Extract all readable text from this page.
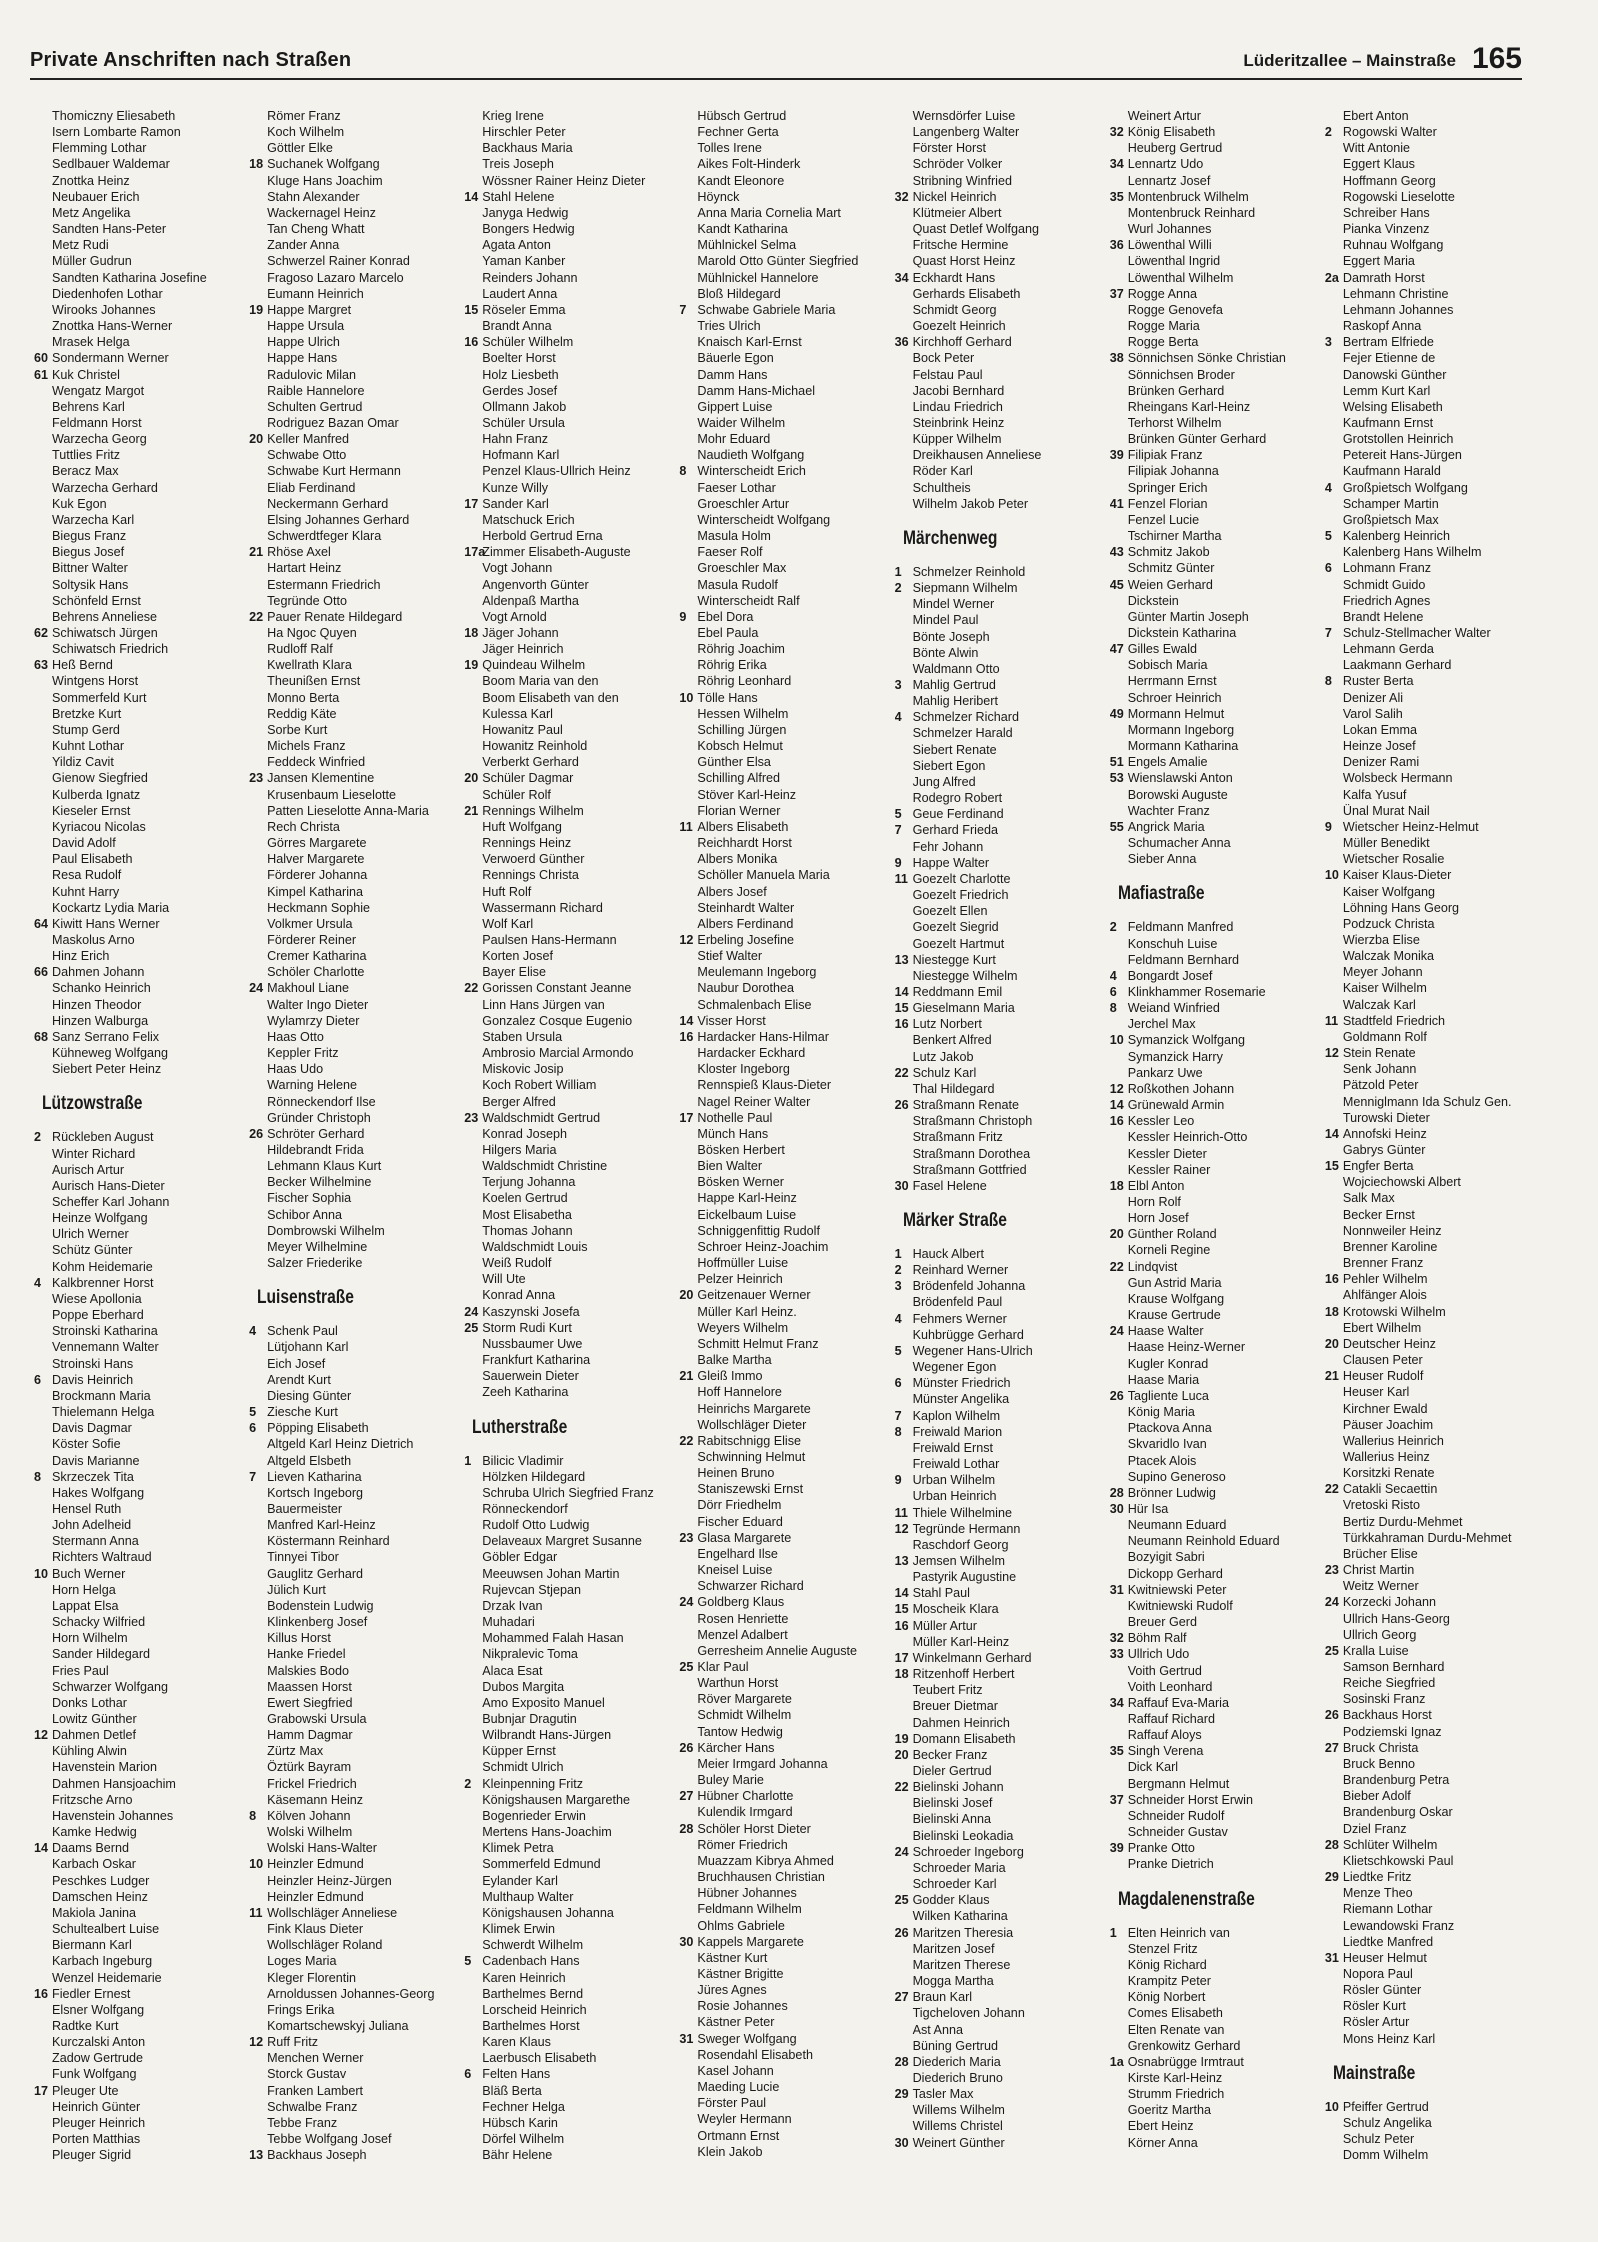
Private Anschriften nach Straßen	Lüderitzallee – Mainstraße 165
Thomiczny Eliesabeth
Isern Lombarte Ramon
Flemming Lothar
Sedlbauer Waldemar
Znottka Heinz
Neubauer Erich
Metz Angelika
Sandten Hans-Peter
Metz Rudi
Müller Gudrun
Sandten Katharina Josefine
Diedenhofen Lothar
Wirooks Johannes
Znottka Hans-Werner
Mrasek Helga
60 Sondermann Werner
61 Kuk Christel
Wengatz Margot
Behrens Karl
Feldmann Horst
Warzecha Georg
Tuttlies Fritz
Beracz Max
Warzecha Gerhard
Kuk Egon
Warzecha Karl
Biegus Franz
Biegus Josef
Bittner Walter
Soltysik Hans
Schönfeld Ernst
Behrens Anneliese
62 Schiwatsch Jürgen
Schiwatsch Friedrich
63 Heß Bernd
Wintgens Horst
Sommerfeld Kurt
Bretzke Kurt
Stump Gerd
Kuhnt Lothar
Yildiz Cavit
Gienow Siegfried
Kulberda Ignatz
Kieseler Ernst
Kyriacou Nicolas
David Adolf
Paul Elisabeth
Resa Rudolf
Kuhnt Harry
Kockartz Lydia Maria
64 Kiwitt Hans Werner
Maskolus Arno
Hinz Erich
66 Dahmen Johann
Schanko Heinrich
Hinzen Theodor
Hinzen Walburga
68 Sanz Serrano Felix
Kühneweg Wolfgang
Siebert Peter Heinz
Lützowstraße
2 Rückleben August
Winter Richard
Aurisch Artur
Aurisch Hans-Dieter
Scheffer Karl Johann
Heinze Wolfgang
Ulrich Werner
Schütz Günter
Kohm Heidemarie
4 Kalkbrenner Horst
Wiese Apollonia
Poppe Eberhard
Stroinski Katharina
Vennemann Walter
Stroinski Hans
6 Davis Heinrich
Brockmann Maria
Thielemann Helga
Davis Dagmar
Köster Sofie
Davis Marianne
8 Skrzeczek Tita
Hakes Wolfgang
Hensel Ruth
John Adelheid
Stermann Anna
Richters Waltraud
10 Buch Werner
Horn Helga
Lappat Elsa
Schacky Wilfried
Horn Wilhelm
Sander Hildegard
Fries Paul
Schwarzer Wolfgang
Donks Lothar
Lowitz Günther
12 Dahmen Detlef
Kühling Alwin
Havenstein Marion
Dahmen Hansjoachim
Fritzsche Arno
Havenstein Johannes
Kamke Hedwig
14 Daams Bernd
Karbach Oskar
Peschkes Ludger
Damschen Heinz
Makiola Janina
Schultealbert Luise
Biermann Karl
Karbach Ingeburg
Wenzel Heidemarie
16 Fiedler Ernest
Elsner Wolfgang
Radtke Kurt
Kurczalski Anton
Zadow Gertrude
Funk Wolfgang
17 Pleuger Ute
Heinrich Günter
Pleuger Heinrich
Porten Matthias
Pleuger Sigrid
Römer Franz
Koch Wilhelm
Göttler Elke
18 Suchanek Wolfgang
Kluge Hans Joachim
Stahn Alexander
Wackernagel Heinz
Tan Cheng Whatt
Zander Anna
Schwerzel Rainer Konrad
Fragoso Lazaro Marcelo
Eumann Heinrich
19 Happe Margret
Happe Ursula
Happe Ulrich
Happe Hans
Radulovic Milan
Raible Hannelore
Schulten Gertrud
Rodriguez Bazan Omar
20 Keller Manfred
Schwabe Otto
Schwabe Kurt Hermann
Eliab Ferdinand
Neckermann Gerhard
Elsing Johannes Gerhard
Schwerdtfeger Klara
21 Rhöse Axel
Hartart Heinz
Estermann Friedrich
Tegründe Otto
22 Pauer Renate Hildegard
Ha Ngoc Quyen
Rudloff Ralf
Kwellrath Klara
Theunißen Ernst
Monno Berta
Reddig Käte
Sorbe Kurt
Michels Franz
Feddeck Winfried
23 Jansen Klementine
Krusenbaum Lieselotte
Patten Lieselotte Anna-Maria
Rech Christa
Görres Margarete
Halver Margarete
Förderer Johanna
Kimpel Katharina
Heckmann Sophie
Volkmer Ursula
Förderer Reiner
Cremer Katharina
Schöler Charlotte
24 Makhoul Liane
Walter Ingo Dieter
Wylamrzy Dieter
Haas Otto
Keppler Fritz
Haas Udo
Warning Helene
Rönneckendorf Ilse
Gründer Christoph
26 Schröter Gerhard
Hildebrandt Frida
Lehmann Klaus Kurt
Becker Wilhelmine
Fischer Sophia
Schibor Anna
Dombrowski Wilhelm
Meyer Wilhelmine
Salzer Friederike
Luisenstraße
4 Schenk Paul
Lütjohann Karl
Eich Josef
Arendt Kurt
Diesing Günter
5 Ziesche Kurt
6 Pöpping Elisabeth
Altgeld Karl Heinz Dietrich
Altgeld Elsbeth
7 Lieven Katharina
Kortsch Ingeborg
Bauermeister
Manfred Karl-Heinz
Köstermann Reinhard
Tinnyei Tibor
Gauglitz Gerhard
Jülich Kurt
Bodenstein Ludwig
Klinkenberg Josef
Killus Horst
Hanke Friedel
Malskies Bodo
Maassen Horst
Ewert Siegfried
Grabowski Ursula
Hamm Dagmar
Zürtz Max
Öztürk Bayram
Frickel Friedrich
Käsemann Heinz
8 Kölven Johann
Wolski Wilhelm
Wolski Hans-Walter
10 Heinzler Edmund
Heinzler Heinz-Jürgen
Heinzler Edmund
11 Wollschläger Anneliese
Fink Klaus Dieter
Wollschläger Roland
Loges Maria
Kleger Florentin
Arnoldussen Johannes-Georg
Frings Erika
Komartschewskyj Juliana
12 Ruff Fritz
Menchen Werner
Storck Gustav
Franken Lambert
Schwalbe Franz
Tebbe Franz
Tebbe Wolfgang Josef
13 Backhaus Joseph
Krieg Irene
Hirschler Peter
Backhaus Maria
Treis Joseph
Wössner Rainer Heinz Dieter
14 Stahl Helene
Janyga Hedwig
Bongers Hedwig
Agata Anton
Yaman Kanber
Reinders Johann
Laudert Anna
15 Röseler Emma
Brandt Anna
16 Schüler Wilhelm
Boelter Horst
Holz Liesbeth
Gerdes Josef
Ollmann Jakob
Schüler Ursula
Hahn Franz
Hofmann Karl
Penzel Klaus-Ullrich Heinz
Kunze Willy
17 Sander Karl
Matschuck Erich
Herbold Gertrud Erna
17a
Zimmer Elisabeth-Auguste
Vogt Johann
Angenvorth Günter
Aldenpaß Martha
Vogt Arnold
18 Jäger Johann
Jäger Heinrich
19 Quindeau Wilhelm
Boom Maria van den
Boom Elisabeth van den
Kulessa Karl
Howanitz Paul
Howanitz Reinhold
Verberkt Gerhard
20 Schüler Dagmar
Schüler Rolf
21 Rennings Wilhelm
Huft Wolfgang
Rennings Heinz
Verwoerd Günther
Rennings Christa
Huft Rolf
Wassermann Richard
Wolf Karl
Paulsen Hans-Hermann
Korten Josef
Bayer Elise
22 Gorissen Constant Jeanne
Linn Hans Jürgen van
Gonzalez Cosque Eugenio
Staben Ursula
Ambrosio Marcial Armondo
Miskovic Josip
Koch Robert William
Berger Alfred
23 Waldschmidt Gertrud
Konrad Joseph
Hilgers Maria
Waldschmidt Christine
Terjung Johanna
Koelen Gertrud
Most Elisabetha
Thomas Johann
Waldschmidt Louis
Weiß Rudolf
Will Ute
Konrad Anna
24 Kaszynski Josefa
25 Storm Rudi Kurt
Nussbaumer Uwe
Frankfurt Katharina
Sauerwein Dieter
Zeeh Katharina
Lutherstraße
1 Bilicic Vladimir
Hölzken Hildegard
Schruba Ulrich Siegfried Franz
Rönneckendorf
Rudolf Otto Ludwig
Delaveaux Margret Susanne
Göbler Edgar
Meeuwsen Johan Martin
Rujevcan Stjepan
Drzak Ivan
Muhadari
Mohammed Falah Hasan
Nikpralevic Toma
Alaca Esat
Dubos Margita
Amo Exposito Manuel
Bubnjar Dragutin
Wilbrandt Hans-Jürgen
Küpper Ernst
Schmidt Ulrich
2 Kleinpenning Fritz
Königshausen Margarethe
Bogenrieder Erwin
Mertens Hans-Joachim
Klimek Petra
Sommerfeld Edmund
Eylander Karl
Multhaup Walter
Königshausen Johanna
Klimek Erwin
Schwerdt Wilhelm
5 Cadenbach Hans
Karen Heinrich
Barthelmes Bernd
Lorscheid Heinrich
Barthelmes Horst
Karen Klaus
Laerbusch Elisabeth
6 Felten Hans
Bläß Berta
Fechner Helga
Hübsch Karin
Dörfel Wilhelm
Bähr Helene
Hübsch Gertrud
Fechner Gerta
Tolles Irene
Aikes Folt-Hinderk
Kandt Eleonore
Höynck
Anna Maria Cornelia Mart
Kandt Katharina
Mühlnickel Selma
Marold Otto Günter Siegfried
Mühlnickel Hannelore
Bloß Hildegard
7 Schwabe Gabriele Maria
Tries Ulrich
Knaisch Karl-Ernst
Bäuerle Egon
Damm Hans
Damm Hans-Michael
Gippert Luise
Waider Wilhelm
Mohr Eduard
Naudieth Wolfgang
8 Winterscheidt Erich
Faeser Lothar
Groeschler Artur
Winterscheidt Wolfgang
Masula Holm
Faeser Rolf
Groeschler Max
Masula Rudolf
Winterscheidt Ralf
9 Ebel Dora
Ebel Paula
Röhrig Joachim
Röhrig Erika
Röhrig Leonhard
10 Tölle Hans
Hessen Wilhelm
Schilling Jürgen
Kobsch Helmut
Günther Elsa
Schilling Alfred
Stöver Karl-Heinz
Florian Werner
11 Albers Elisabeth
Reichhardt Horst
Albers Monika
Schöller Manuela Maria
Albers Josef
Steinhardt Walter
Albers Ferdinand
12 Erbeling Josefine
Stief Walter
Meulemann Ingeborg
Naubur Dorothea
Schmalenbach Elise
14 Visser Horst
16 Hardacker Hans-Hilmar
Hardacker Eckhard
Kloster Ingeborg
Rennspieß Klaus-Dieter
Nagel Reiner Walter
17 Nothelle Paul
Münch Hans
Bösken Herbert
Bien Walter
Bösken Werner
Happe Karl-Heinz
Eickelbaum Luise
Schniggenfittig Rudolf
Schroer Heinz-Joachim
Hoffmüller Luise
Pelzer Heinrich
20 Geitzenauer Werner
Müller Karl Heinz.
Weyers Wilhelm
Schmitt Helmut Franz
Balke Martha
21 Gleiß Immo
Hoff Hannelore
Heinrichs Margarete
Wollschläger Dieter
22 Rabitschnigg Elise
Schwinning Helmut
Heinen Bruno
Staniszewski Ernst
Dörr Friedhelm
Fischer Eduard
23 Glasa Margarete
Engelhard Ilse
Kneisel Luise
Schwarzer Richard
24 Goldberg Klaus
Rosen Henriette
Menzel Adalbert
Gerresheim Annelie Auguste
25 Klar Paul
Warthun Horst
Röver Margarete
Schmidt Wilhelm
Tantow Hedwig
26 Kärcher Hans
Meier Irmgard Johanna
Buley Marie
27 Hübner Charlotte
Kulendik Irmgard
28 Schöler Horst Dieter
Römer Friedrich
Muazzam Kibrya Ahmed
Bruchhausen Christian
Hübner Johannes
Feldmann Wilhelm
Ohlms Gabriele
30 Kappels Margarete
Kästner Kurt
Kästner Brigitte
Jüres Agnes
Rosie Johannes
Kästner Peter
31 Sweger Wolfgang
Rosendahl Elisabeth
Kasel Johann
Maeding Lucie
Förster Paul
Weyler Hermann
Ortmann Ernst
Klein Jakob
Wernsdörfer Luise
Langenberg Walter
Förster Horst
Schröder Volker
Stribning Winfried
32 Nickel Heinrich
Klütmeier Albert
Quast Detlef Wolfgang
Fritsche Hermine
Quast Horst Heinz
34 Eckhardt Hans
Gerhards Elisabeth
Schmidt Georg
Goezelt Heinrich
36 Kirchhoff Gerhard
Bock Peter
Felstau Paul
Jacobi Bernhard
Lindau Friedrich
Steinbrink Heinz
Küpper Wilhelm
Dreikhausen Anneliese
Röder Karl
Schultheis
Wilhelm Jakob Peter
Märchenweg
1 Schmelzer Reinhold
2 Siepmann Wilhelm
Mindel Werner
Mindel Paul
Bönte Joseph
Bönte Alwin
Waldmann Otto
3 Mahlig Gertrud
Mahlig Heribert
4 Schmelzer Richard
Schmelzer Harald
Siebert Renate
Siebert Egon
Jung Alfred
Rodegro Robert
5 Geue Ferdinand
7 Gerhard Frieda
Fehr Johann
9 Happe Walter
11 Goezelt Charlotte
Goezelt Friedrich
Goezelt Ellen
Goezelt Siegrid
Goezelt Hartmut
13 Niestegge Kurt
Niestegge Wilhelm
14 Reddmann Emil
15 Gieselmann Maria
16 Lutz Norbert
Benkert Alfred
Lutz Jakob
22 Schulz Karl
Thal Hildegard
26 Straßmann Renate
Straßmann Christoph
Straßmann Fritz
Straßmann Dorothea
Straßmann Gottfried
30 Fasel Helene
Märker Straße
1 Hauck Albert
2 Reinhard Werner
3 Brödenfeld Johanna
Brödenfeld Paul
4 Fehmers Werner
Kuhbrügge Gerhard
5 Wegener Hans-Ulrich
Wegener Egon
6 Münster Friedrich
Münster Angelika
7 Kaplon Wilhelm
8 Freiwald Marion
Freiwald Ernst
Freiwald Lothar
9 Urban Wilhelm
Urban Heinrich
11 Thiele Wilhelmine
12 Tegründe Hermann
Raschdorf Georg
13 Jemsen Wilhelm
Pastyrik Augustine
14 Stahl Paul
15 Moscheik Klara
16 Müller Artur
Müller Karl-Heinz
17 Winkelmann Gerhard
18 Ritzenhoff Herbert
Teubert Fritz
Breuer Dietmar
Dahmen Heinrich
19 Domann Elisabeth
20 Becker Franz
Dieler Gertrud
22 Bielinski Johann
Bielinski Josef
Bielinski Anna
Bielinski Leokadia
24 Schroeder Ingeborg
Schroeder Maria
Schroeder Karl
25 Godder Klaus
Wilken Katharina
26 Maritzen Theresia
Maritzen Josef
Maritzen Therese
Mogga Martha
27 Braun Karl
Tigcheloven Johann
Ast Anna
Büning Gertrud
28 Diederich Maria
Diederich Bruno
29 Tasler Max
Willems Wilhelm
Willems Christel
30 Weinert Günther
Weinert Artur
32 König Elisabeth
Heuberg Gertrud
34 Lennartz Udo
Lennartz Josef
35 Montenbruck Wilhelm
Montenbruck Reinhard
Wurl Johannes
36 Löwenthal Willi
Löwenthal Ingrid
Löwenthal Wilhelm
37 Rogge Anna
Rogge Genovefa
Rogge Maria
Rogge Berta
38 Sönnichsen Sönke Christian
Sönnichsen Broder
Brünken Gerhard
Rheingans Karl-Heinz
Terhorst Wilhelm
Brünken Günter Gerhard
39 Filipiak Franz
Filipiak Johanna
Springer Erich
41 Fenzel Florian
Fenzel Lucie
Tschirner Martha
43 Schmitz Jakob
Schmitz Günter
45 Weien Gerhard
Dickstein
Günter Martin Joseph
Dickstein Katharina
47 Gilles Ewald
Sobisch Maria
Herrmann Ernst
Schroer Heinrich
49 Mormann Helmut
Mormann Ingeborg
Mormann Katharina
51 Engels Amalie
53 Wienslawski Anton
Borowski Auguste
Wachter Franz
55 Angrick Maria
Schumacher Anna
Sieber Anna
Mafiastraße
2 Feldmann Manfred
Konschuh Luise
Feldmann Bernhard
4 Bongardt Josef
6 Klinkhammer Rosemarie
8 Weiand Winfried
Jerchel Max
10 Symanzick Wolfgang
Symanzick Harry
Pankarz Uwe
12 Roßkothen Johann
14 Grünewald Armin
16 Kessler Leo
Kessler Heinrich-Otto
Kessler Dieter
Kessler Rainer
18 Elbl Anton
Horn Rolf
Horn Josef
20 Günther Roland
Korneli Regine
22 Lindqvist
Gun Astrid Maria
Krause Wolfgang
Krause Gertrude
24 Haase Walter
Haase Heinz-Werner
Kugler Konrad
Haase Maria
26 Tagliente Luca
König Maria
Ptackova Anna
Skvaridlo Ivan
Ptacek Alois
Supino Generoso
28 Brönner Ludwig
30 Hür Isa
Neumann Eduard
Neumann Reinhold Eduard
Bozyigit Sabri
Dickopp Gerhard
31 Kwitniewski Peter
Kwitniewski Rudolf
Breuer Gerd
32 Böhm Ralf
33 Ullrich Udo
Voith Gertrud
Voith Leonhard
34 Raffauf Eva-Maria
Raffauf Richard
Raffauf Aloys
35 Singh Verena
Dick Karl
Bergmann Helmut
37 Schneider Horst Erwin
Schneider Rudolf
Schneider Gustav
39 Pranke Otto
Pranke Dietrich
Magdalenenstraße
1 Elten Heinrich van
Stenzel Fritz
König Richard
Krampitz Peter
König Norbert
Comes Elisabeth
Elten Renate van
Grenkowitz Gerhard
1a Osnabrügge Irmtraut
Kirste Karl-Heinz
Strumm Friedrich
Goeritz Martha
Ebert Heinz
Körner Anna
Ebert Anton
2 Rogowski Walter
Witt Antonie
Eggert Klaus
Hoffmann Georg
Rogowski Lieselotte
Schreiber Hans
Pianka Vinzenz
Ruhnau Wolfgang
Eggert Maria
2a Damrath Horst
Lehmann Christine
Lehmann Johannes
Raskopf Anna
3 Bertram Elfriede
Fejer Etienne de
Danowski Günther
Lemm Kurt Karl
Welsing Elisabeth
Kaufmann Ernst
Grotstollen Heinrich
Petereit Hans-Jürgen
Kaufmann Harald
4 Großpietsch Wolfgang
Schamper Martin
Großpietsch Max
5 Kalenberg Heinrich
Kalenberg Hans Wilhelm
6 Lohmann Franz
Schmidt Guido
Friedrich Agnes
Brandt Helene
7 Schulz-Stellmacher Walter
Lehmann Gerda
Laakmann Gerhard
8 Ruster Berta
Denizer Ali
Varol Salih
Lokan Emma
Heinze Josef
Denizer Rami
Wolsbeck Hermann
Kalfa Yusuf
Ünal Murat Nail
9 Wietscher Heinz-Helmut
Müller Benedikt
Wietscher Rosalie
10 Kaiser Klaus-Dieter
Kaiser Wolfgang
Löhning Hans Georg
Podzuck Christa
Wierzba Elise
Walczak Monika
Meyer Johann
Kaiser Wilhelm
Walczak Karl
11 Stadtfeld Friedrich
Goldmann Rolf
12 Stein Renate
Senk Johann
Pätzold Peter
Menniglmann Ida Schulz Gen.
Turowski Dieter
14 Annofski Heinz
Gabrys Günter
15 Engfer Berta
Wojciechowski Albert
Salk Max
Becker Ernst
Nonnweiler Heinz
Brenner Karoline
Brenner Franz
16 Pehler Wilhelm
Ahlfänger Alois
18 Krotowski Wilhelm
Ebert Wilhelm
20 Deutscher Heinz
Clausen Peter
21 Heuser Rudolf
Heuser Karl
Kirchner Ewald
Päuser Joachim
Wallerius Heinrich
Wallerius Heinz
Korsitzki Renate
22 Catakli Secaettin
Vretoski Risto
Bertiz Durdu-Mehmet
Türkkahraman Durdu-Mehmet
Brücher Elise
23 Christ Martin
Weitz Werner
24 Korzecki Johann
Ullrich Hans-Georg
Ullrich Georg
25 Kralla Luise
Samson Bernhard
Reiche Siegfried
Sosinski Franz
26 Backhaus Horst
Podziemski Ignaz
27 Bruck Christa
Bruck Benno
Brandenburg Petra
Bieber Adolf
Brandenburg Oskar
Dziel Franz
28 Schlüter Wilhelm
Klietschkowski Paul
29 Liedtke Fritz
Menze Theo
Riemann Lothar
Lewandowski Franz
Liedtke Manfred
31 Heuser Helmut
Nopora Paul
Rösler Günter
Rösler Kurt
Rösler Artur
Mons Heinz Karl
Mainstraße
10 Pfeiffer Gertrud
Schulz Angelika
Schulz Peter
Domm Wilhelm
